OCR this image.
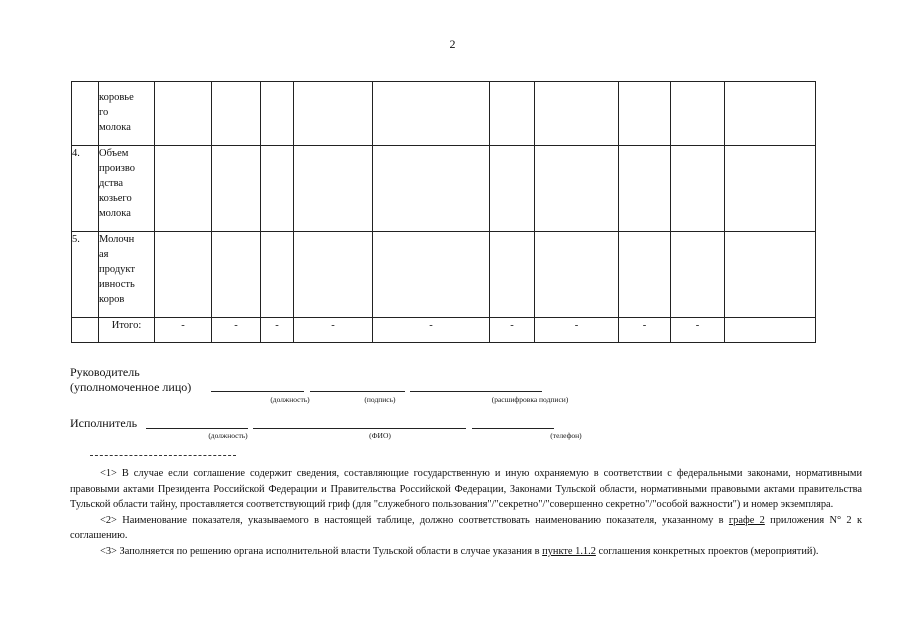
2

	коровье
го
молока										

4.	Объем
произво
дства
козьего
молока										

5.	Молочн
ая
продукт
ивность
коров										

	Итого:	-	-	-	-	-	-	-	-	-	
Руководитель
(уполномоченное лицо)
(должность)	(подпись)	(расшифровка подписи)
Исполнитель
(должность)	(ФИО)	(телефон)

<1> В случае если соглашение содержит сведения, составляющие государственную и иную охраняемую в соответствии с федеральными законами, нормативными правовыми актами Президента Российской Федерации и Правительства Российской Федерации, Законами Тульской области, нормативными правовыми актами правительства Тульской области тайну, проставляется соответствующий гриф (для "служебного пользования"/"секретно"/"совершенно секретно"/"особой важности") и номер экземпляра.

<2> Наименование показателя, указываемого в настоящей таблице, должно соответствовать наименованию показателя, указанному в графе 2 приложения N° 2 к соглашению.

<3> Заполняется по решению органа исполнительной власти Тульской области в случае указания в пункте 1.1.2 соглашения конкретных проектов (мероприятий).
